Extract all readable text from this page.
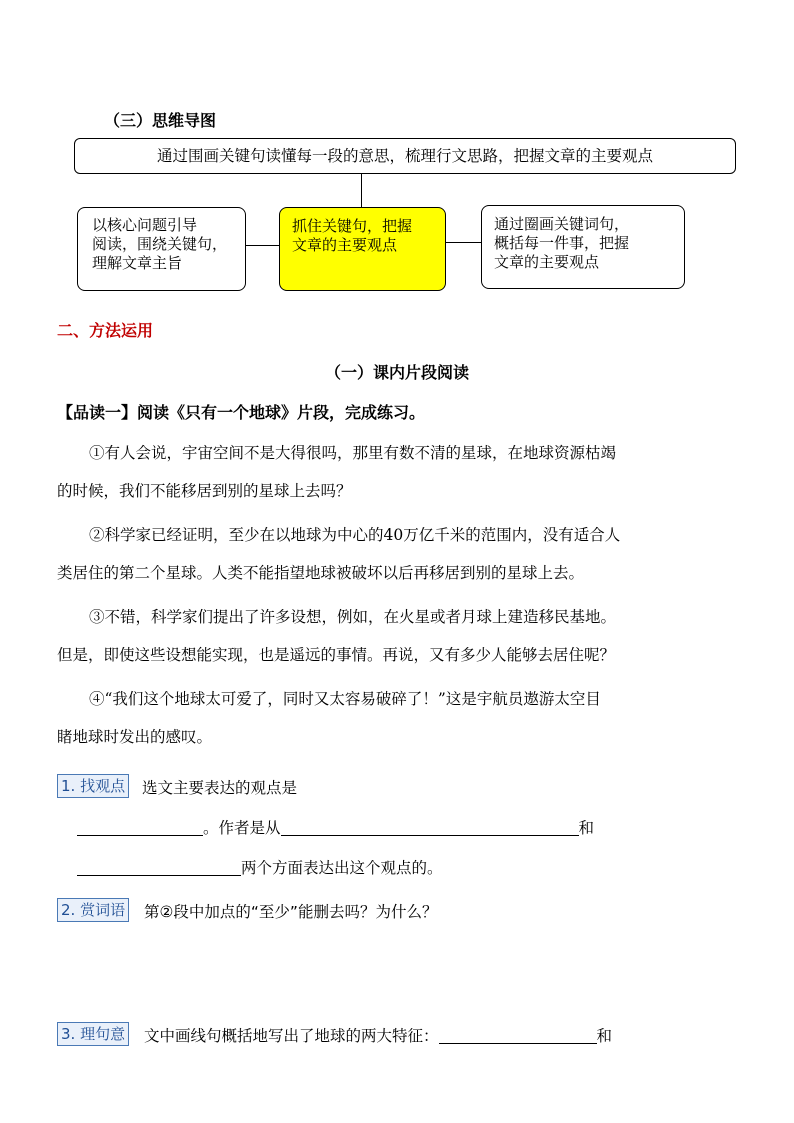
（三）思维导图
通过围画关键句读懂每一段的意思，梳理行文思路，把握文章的主要观点
以核心问题引导
阅读，围绕关键句，
理解文章主旨
抓住关键句，把握
文章的主要观点
通过圈画关键词句，
概括每一件事，把握
文章的主要观点
二、方法运用
（一）课内片段阅读
【品读一】阅读《只有一个地球》片段，完成练习。
①有人会说，宇宙空间不是大得很吗，那里有数不清的星球，在地球资源枯竭
的时候，我们不能移居到别的星球上去吗？
②科学家已经证明，至少在以地球为中心的40万亿千米的范围内，没有适合人
类居住的第二个星球。人类不能指望地球被破坏以后再移居到别的星球上去。
③不错，科学家们提出了许多设想，例如，在火星或者月球上建造移民基地。
但是，即使这些设想能实现，也是遥远的事情。再说，又有多少人能够去居住呢？
④“我们这个地球太可爱了，同时又太容易破碎了！”这是宇航员遨游太空目
睹地球时发出的感叹。
1. 找观点 选文主要表达的观点是
。作者是从	和
两个方面表达出这个观点的。
2. 赏词语 第②段中加点的“至少”能删去吗？为什么？
3. 理句意 文中画线句概括地写出了地球的两大特征：	和
